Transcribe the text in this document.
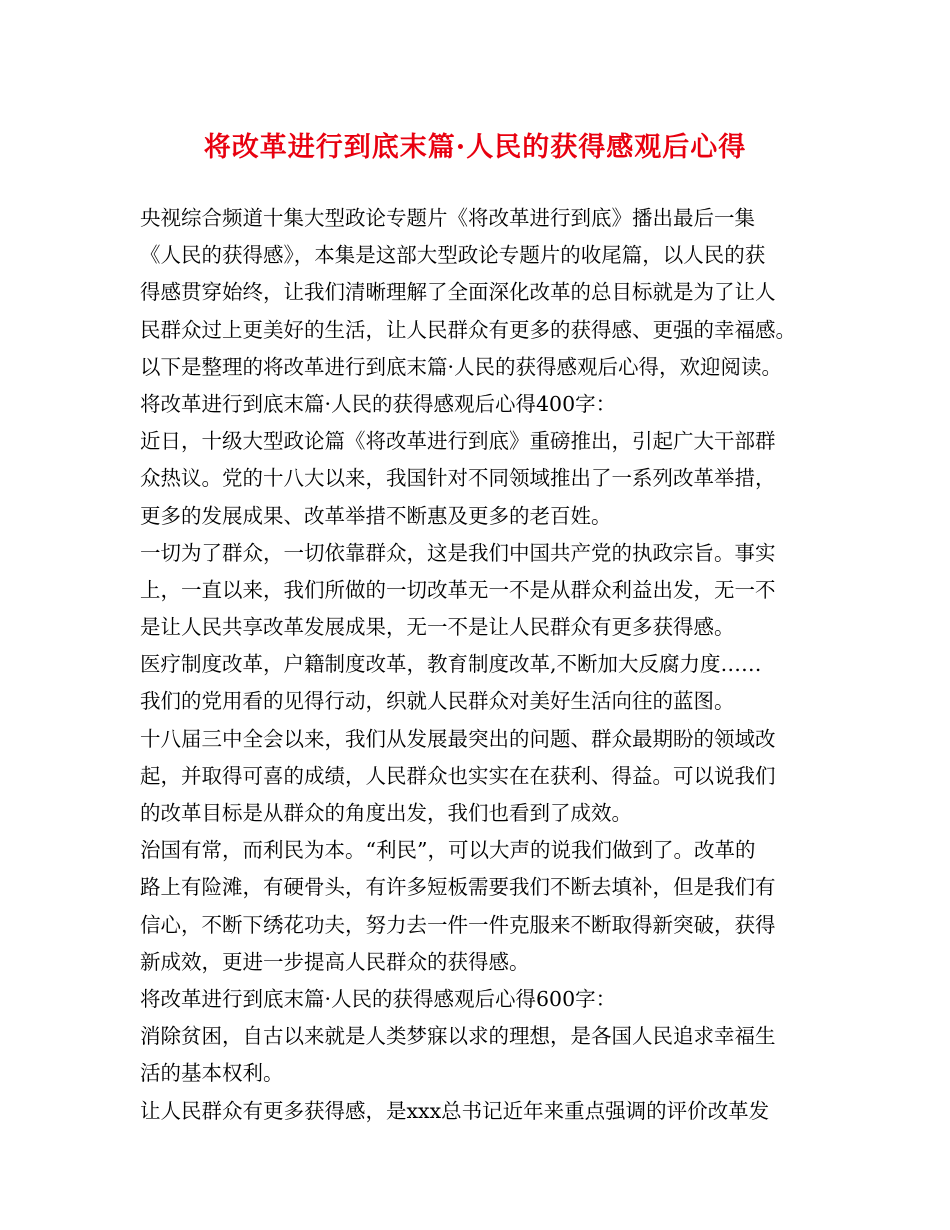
将改革进行到底末篇·人民的获得感观后心得
央视综合频道十集大型政论专题片《将改革进行到底》播出最后一集
《人民的获得感》，本集是这部大型政论专题片的收尾篇，以人民的获
得感贯穿始终，让我们清晰理解了全面深化改革的总目标就是为了让人
民群众过上更美好的生活，让人民群众有更多的获得感、更强的幸福感。
以下是整理的将改革进行到底末篇·人民的获得感观后心得，欢迎阅读。
将改革进行到底末篇·人民的获得感观后心得400字：
近日，十级大型政论篇《将改革进行到底》重磅推出，引起广大干部群
众热议。党的十八大以来，我国针对不同领域推出了一系列改革举措，
更多的发展成果、改革举措不断惠及更多的老百姓。
一切为了群众，一切依靠群众，这是我们中国共产党的执政宗旨。事实
上，一直以来，我们所做的一切改革无一不是从群众利益出发，无一不
是让人民共享改革发展成果，无一不是让人民群众有更多获得感。
医疗制度改革，户籍制度改革，教育制度改革,不断加大反腐力度……
我们的党用看的见得行动，织就人民群众对美好生活向往的蓝图。
十八届三中全会以来，我们从发展最突出的问题、群众最期盼的领域改
起，并取得可喜的成绩，人民群众也实实在在获利、得益。可以说我们
的改革目标是从群众的角度出发，我们也看到了成效。
治国有常，而利民为本。“利民”，可以大声的说我们做到了。改革的
路上有险滩，有硬骨头，有许多短板需要我们不断去填补，但是我们有
信心，不断下绣花功夫，努力去一件一件克服来不断取得新突破，获得
新成效，更进一步提高人民群众的获得感。
将改革进行到底末篇·人民的获得感观后心得600字：
消除贫困，自古以来就是人类梦寐以求的理想，是各国人民追求幸福生
活的基本权利。
让人民群众有更多获得感，是xxx总书记近年来重点强调的评价改革发
